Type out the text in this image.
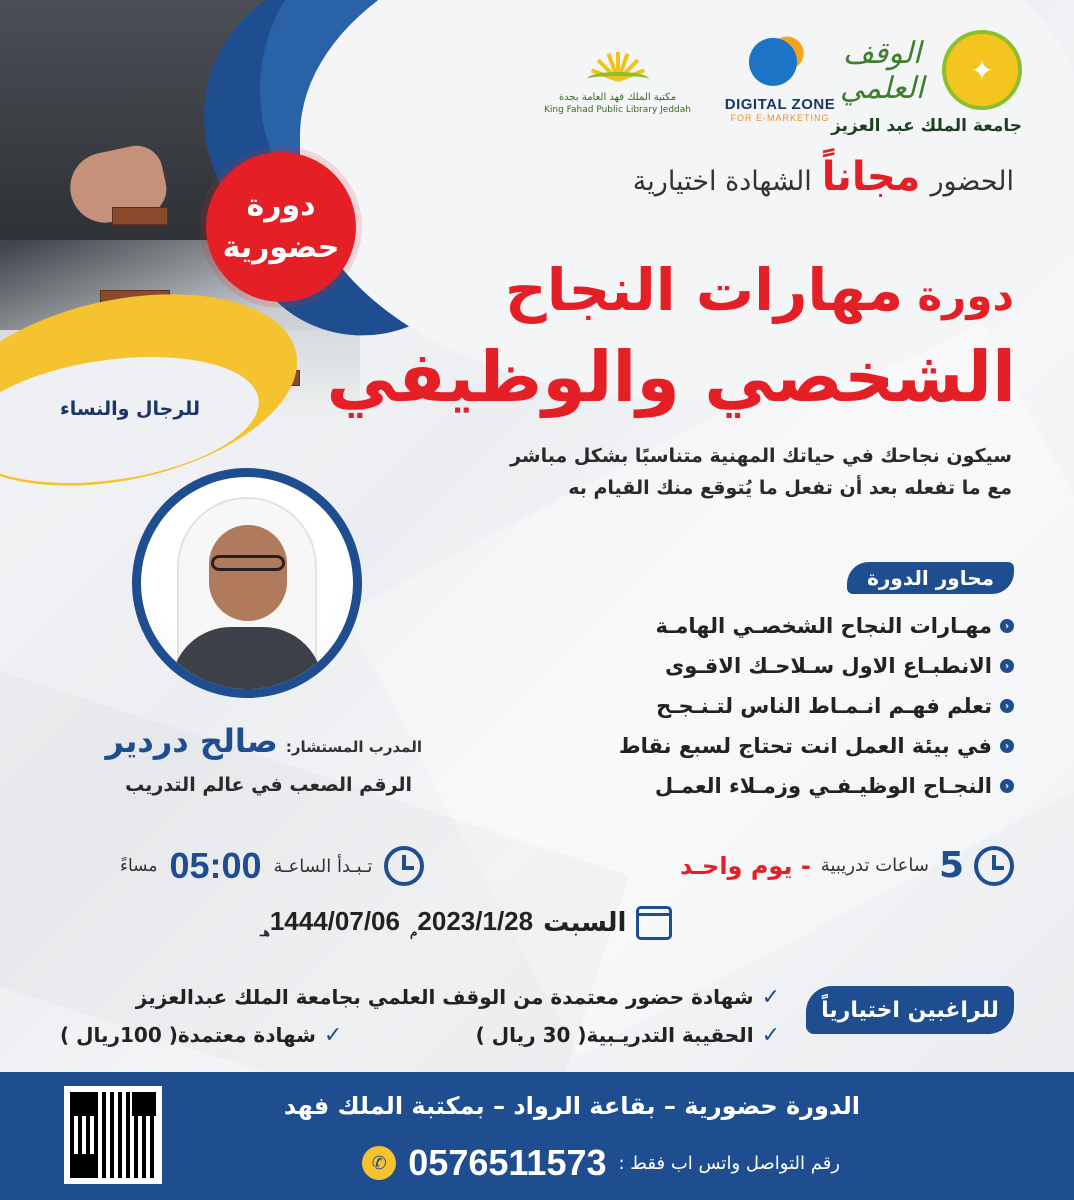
دورة
حضورية
للرجال والنساء
مكتبة الملك فهد العامة بجدة
King Fahad Public Library Jeddah	DIGITAL ZONE
FOR E-MARKETING
✦
الوقف العلمي
جامعة الملك عبد العزيز
الحضور
مجاناً
الشهادة اختيارية
دورة
مهارات النجاح
الشخصي والوظيفي
سيكون نجاحك في حياتك المهنية متناسبًا بشكل مباشر
مع ما تفعله بعد أن تفعل ما يُتوقع منك القيام به
المدرب المستشار:
صالح دردير
الرقم الصعب في عالم التدريب
محاور الدورة
‹
مهـارات النجاح الشخصـي الهامـة
‹
الانطبـاع الاول سـلاحـك الاقـوى
‹
تعلم فهـم انـمـاط الناس لتـنـجـح
‹
في بيئة العمل انت تحتاج لسبع نقاط
‹
النجـاح الوظيـفـي وزمـلاء العمـل
5
ساعات تدريبية
- يوم واحـد
تـبـدأ الساعـة
05:00
مساءً
السبت
$2023/1/28_م$
$1444/07/06_{هـ}$
للراغبين اختيارياً
✓
شهادة حضور معتمدة من الوقف العلمي بجامعة الملك عبدالعزيز
✓
الحقيبة التدريـبية( 30 ريال )
✓
شهادة معتمدة( 100ريال )
الدورة حضورية – بقاعة الرواد – بمكتبة الملك فهد
رقم التواصل واتس اب فقط :
0576511573
✆
